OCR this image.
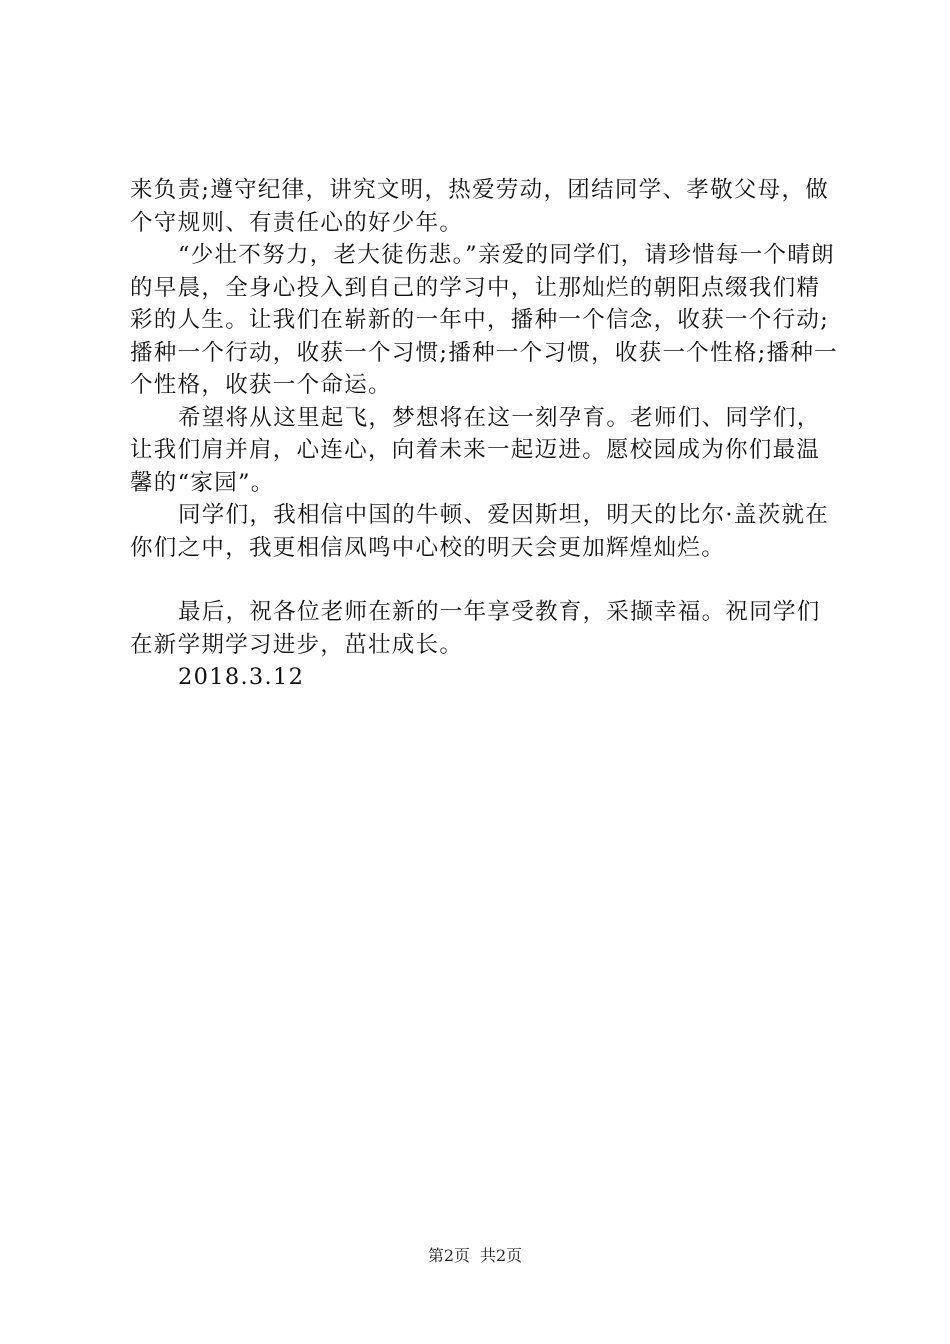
来负责;遵守纪律，讲究文明，热爱劳动，团结同学、孝敬父母，做个守规则、有责任心的好少年。

“少壮不努力，老大徒伤悲。”亲爱的同学们，请珍惜每一个晴朗的早晨，全身心投入到自己的学习中，让那灿烂的朝阳点缀我们精彩的人生。让我们在崭新的一年中，播种一个信念，收获一个行动;播种一个行动，收获一个习惯;播种一个习惯，收获一个性格;播种一个性格，收获一个命运。

希望将从这里起飞，梦想将在这一刻孕育。老师们、同学们，让我们肩并肩，心连心，向着未来一起迈进。愿校园成为你们最温馨的“家园”。

同学们，我相信中国的牛顿、爱因斯坦，明天的比尔·盖茨就在你们之中，我更相信凤鸣中心校的明天会更加辉煌灿烂。

最后，祝各位老师在新的一年享受教育，采撷幸福。祝同学们在新学期学习进步，茁壮成长。

2018.3.12

第2页 共2页
